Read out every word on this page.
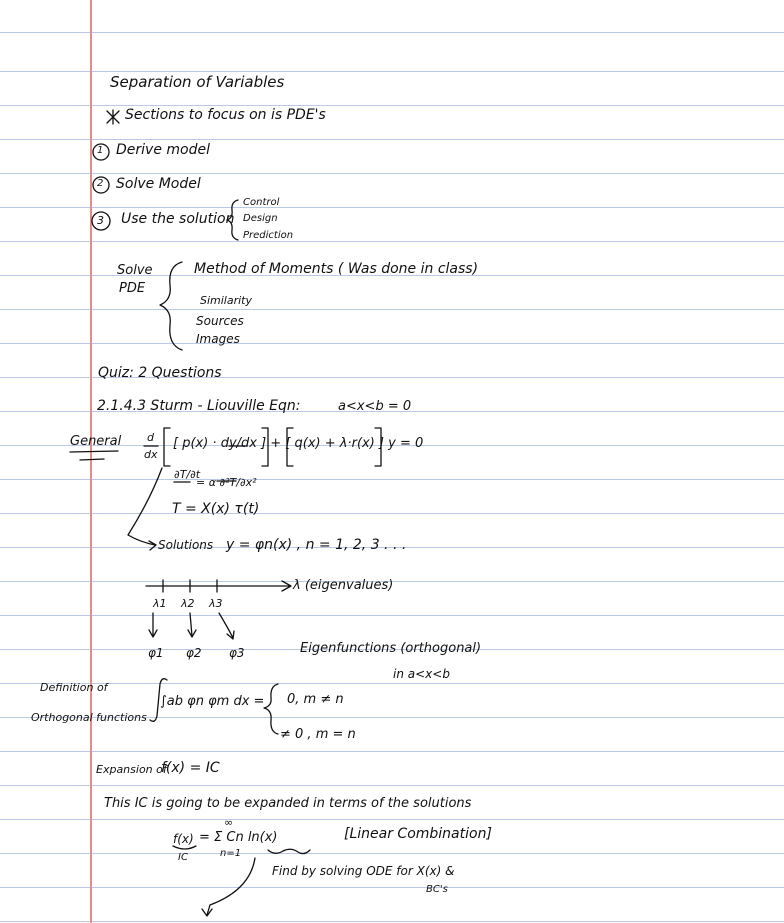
Separation of Variables
Sections to focus on is PDE's
1 Derive model
2 Solve Model
3 Use the solution
Control
Design
Prediction
Solve
PDE
Method of Moments ( Was done in class)
Similarity
Sources
Images
Quiz: 2 Questions
2.1.4.3 Sturm - Liouville Eqn:	a<x<b = 0
General d
dx
[ p(x) · dy/dx ] + [ q(x) + λ·r(x) ] y = 0
∂T/∂t
= α ∂²T/∂x²
T = X(x) τ(t)
Solutions y = φn(x) , n = 1, 2, 3 . . .
λ (eigenvalues)
λ1 λ2 λ3
φ1 φ2 φ3	Eigenfunctions (orthogonal)
in a<x<b
Definition of
Orthogonal functions
∫ab φn φm dx = 0, m ≠ n
≠ 0 , m = n
Expansion of
f(x) = IC
This IC is going to be expanded in terms of the solutions
f(x)
IC
∞
= Σ Cn ln(x)
n=1
[Linear Combination]
Find by solving ODE for X(x) &
BC's
